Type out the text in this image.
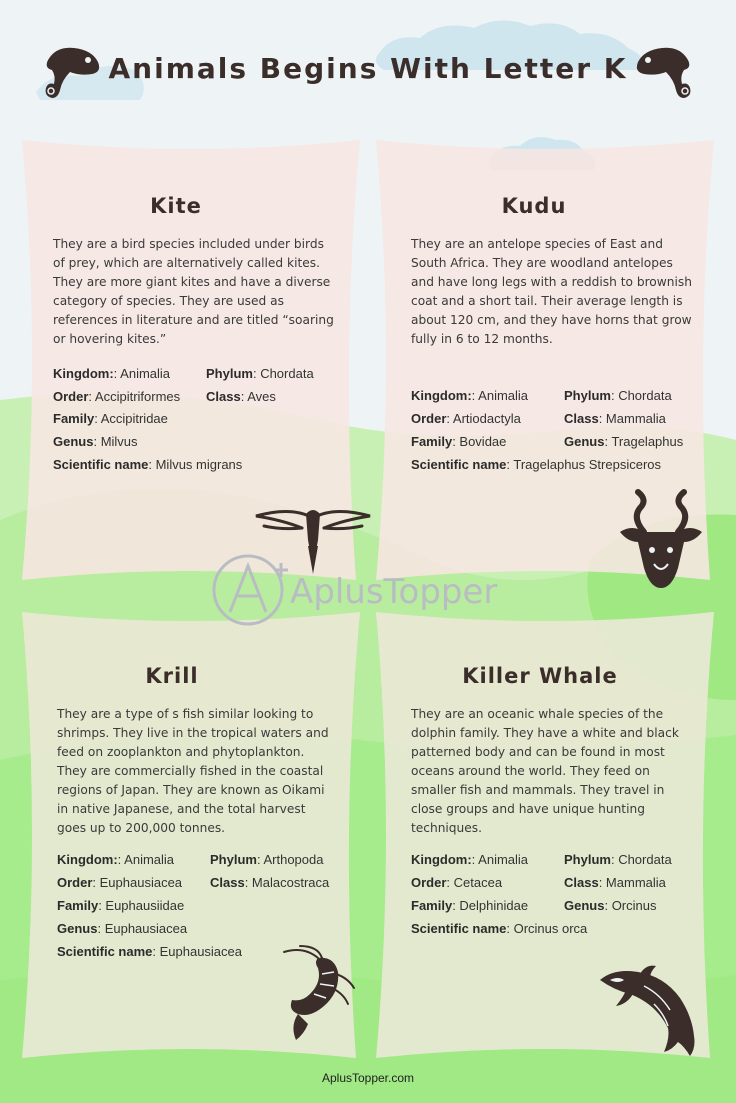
Animals Begins With Letter K
Kite

They are a bird species included under birds of prey, which are alternatively called kites.

They are more giant kites and have a diverse category of species. They are used as references in literature and are titled “soaring or hovering kites.”

Kingdom:: Animalia	Phylum: Chordata
Order: Accipitriformes Class: Aves
Family: Accipitridae
Genus: Milvus
Scientific name: Milvus migrans
Kudu

They are an antelope species of East and South Africa. They are woodland antelopes and have long legs with a reddish to brownish coat and a short tail. Their average length is about 120 cm, and they have horns that grow fully in 6 to 12 months.

Kingdom:: Animalia	Phylum: Chordata
Order: Artiodactyla	Class: Mammalia
Family: Bovidae	Genus: Tragelaphus
Scientific name: Tragelaphus Strepsiceros
AplusTopper
Krill

They are a type of s fish similar looking to shrimps. They live in the tropical waters and feed on zooplankton and phytoplankton. They are commercially fished in the coastal regions of Japan. They are known as Oikami in native Japanese, and the total harvest goes up to 200,000 tonnes.

Kingdom:: Animalia	Phylum: Arthopoda
Order: Euphausiacea Class: Malacostraca
Family: Euphausiidae
Genus: Euphausiacea
Scientific name: Euphausiacea
Killer Whale

They are an oceanic whale species of the dolphin family. They have a white and black patterned body and can be found in most oceans around the world. They feed on smaller fish and mammals. They travel in close groups and have unique hunting techniques.

Kingdom:: Animalia	Phylum: Chordata
Order: Cetacea	Class: Mammalia
Family: Delphinidae	Genus: Orcinus
Scientific name: Orcinus orca
AplusTopper.com
